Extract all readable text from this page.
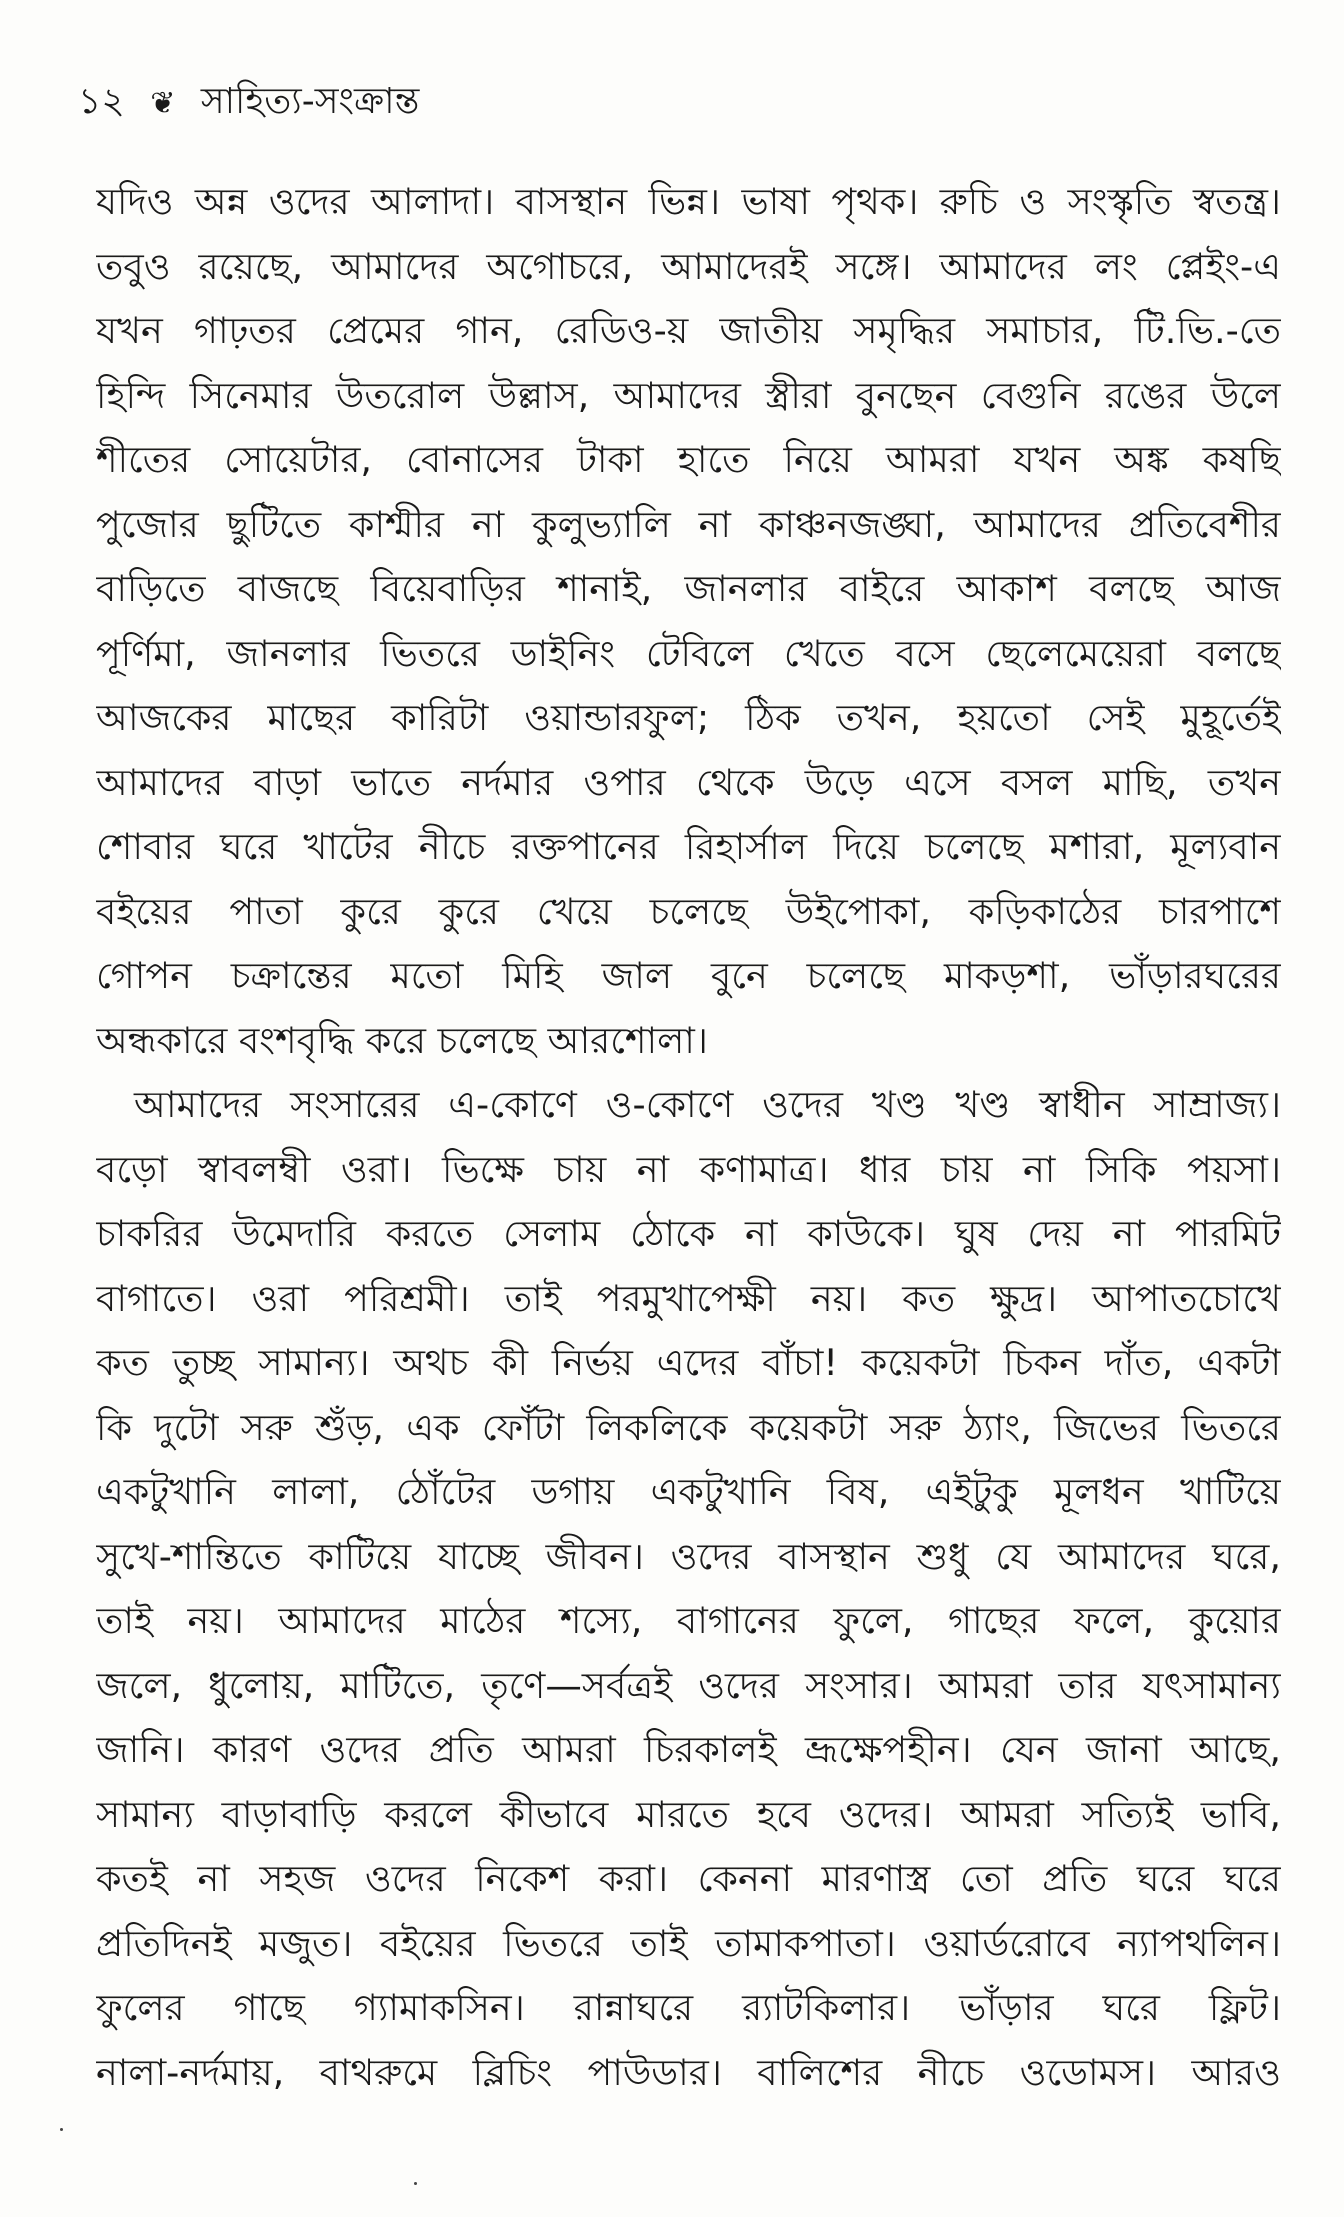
১২ ❦ সাহিত্য-সংক্রান্ত
যদিও অন্ন ওদের আলাদা। বাসস্থান ভিন্ন। ভাষা পৃথক। রুচি ও সংস্কৃতি স্বতন্ত্র।
তবুও রয়েছে, আমাদের অগোচরে, আমাদেরই সঙ্গে। আমাদের লং প্লেইং-এ
যখন গাঢ়তর প্রেমের গান, রেডিও-য় জাতীয় সমৃদ্ধির সমাচার, টি.ভি.-তে
হিন্দি সিনেমার উতরোল উল্লাস, আমাদের স্ত্রীরা বুনছেন বেগুনি রঙের উলে
শীতের সোয়েটার, বোনাসের টাকা হাতে নিয়ে আমরা যখন অঙ্ক কষছি
পুজোর ছুটিতে কাশ্মীর না কুলুভ্যালি না কাঞ্চনজঙ্ঘা, আমাদের প্রতিবেশীর
বাড়িতে বাজছে বিয়েবাড়ির শানাই, জানলার বাইরে আকাশ বলছে আজ
পূর্ণিমা, জানলার ভিতরে ডাইনিং টেবিলে খেতে বসে ছেলেমেয়েরা বলছে
আজকের মাছের কারিটা ওয়ান্ডারফুল; ঠিক তখন, হয়তো সেই মুহূর্তেই
আমাদের বাড়া ভাতে নর্দমার ওপার থেকে উড়ে এসে বসল মাছি, তখন
শোবার ঘরে খাটের নীচে রক্তপানের রিহার্সাল দিয়ে চলেছে মশারা, মূল্যবান
বইয়ের পাতা কুরে কুরে খেয়ে চলেছে উইপোকা, কড়িকাঠের চারপাশে
গোপন চক্রান্তের মতো মিহি জাল বুনে চলেছে মাকড়শা, ভাঁড়ারঘরের
অন্ধকারে বংশবৃদ্ধি করে চলেছে আরশোলা।
আমাদের সংসারের এ-কোণে ও-কোণে ওদের খণ্ড খণ্ড স্বাধীন সাম্রাজ্য।
বড়ো স্বাবলম্বী ওরা। ভিক্ষে চায় না কণামাত্র। ধার চায় না সিকি পয়সা।
চাকরির উমেদারি করতে সেলাম ঠোকে না কাউকে। ঘুষ দেয় না পারমিট
বাগাতে। ওরা পরিশ্রমী। তাই পরমুখাপেক্ষী নয়। কত ক্ষুদ্র। আপাতচোখে
কত তুচ্ছ সামান্য। অথচ কী নির্ভয় এদের বাঁচা! কয়েকটা চিকন দাঁত, একটা
কি দুটো সরু শুঁড়, এক ফোঁটা লিকলিকে কয়েকটা সরু ঠ্যাং, জিভের ভিতরে
একটুখানি লালা, ঠোঁটের ডগায় একটুখানি বিষ, এইটুকু মূলধন খাটিয়ে
সুখে-শান্তিতে কাটিয়ে যাচ্ছে জীবন। ওদের বাসস্থান শুধু যে আমাদের ঘরে,
তাই নয়। আমাদের মাঠের শস্যে, বাগানের ফুলে, গাছের ফলে, কুয়োর
জলে, ধুলোয়, মাটিতে, তৃণে—সর্বত্রই ওদের সংসার। আমরা তার যৎসামান্য
জানি। কারণ ওদের প্রতি আমরা চিরকালই ভ্রূক্ষেপহীন। যেন জানা আছে,
সামান্য বাড়াবাড়ি করলে কীভাবে মারতে হবে ওদের। আমরা সত্যিই ভাবি,
কতই না সহজ ওদের নিকেশ করা। কেননা মারণাস্ত্র তো প্রতি ঘরে ঘরে
প্রতিদিনই মজুত। বইয়ের ভিতরে তাই তামাকপাতা। ওয়ার্ডরোবে ন্যাপথলিন।
ফুলের গাছে গ্যামাকসিন। রান্নাঘরে র‍্যাটকিলার। ভাঁড়ার ঘরে ফ্লিট।
নালা-নর্দমায়, বাথরুমে ব্লিচিং পাউডার। বালিশের নীচে ওডোমস। আরও
